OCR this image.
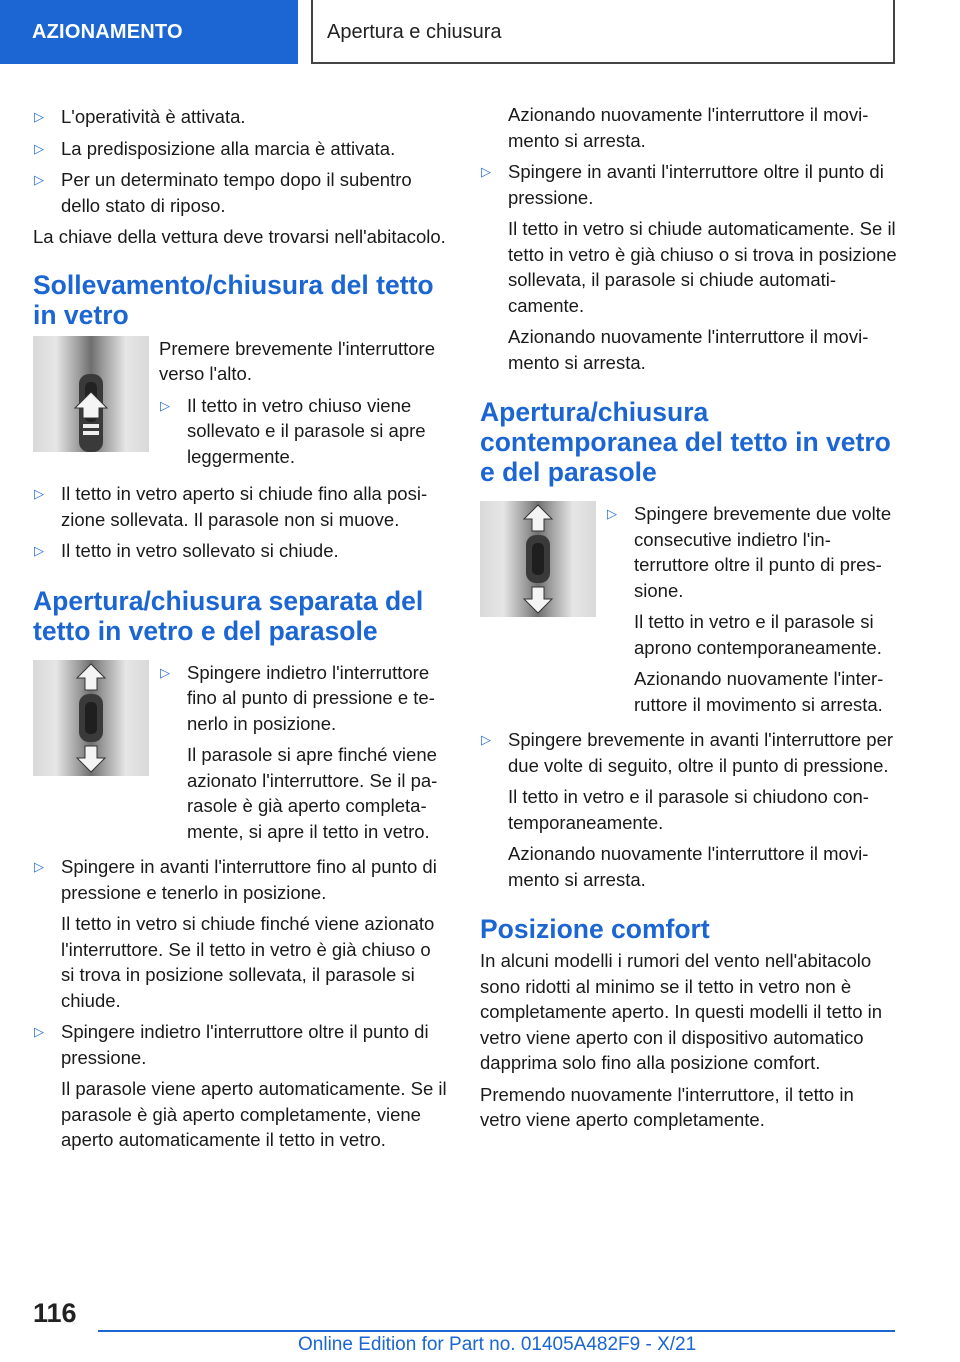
AZIONAMENTO	Apertura e chiusura
▷ L'operatività è attivata.
▷ La predisposizione alla marcia è attivata.
▷ Per un determinato tempo dopo il subentro dello stato di riposo.

La chiave della vettura deve trovarsi nell'abitacolo.

Sollevamento/chiusura del tetto in vetro

Premere brevemente l'interruttore verso l'alto.

▷ Il tetto in vetro chiuso viene sollevato e il parasole si apre leggermente.
▷ Il tetto in vetro aperto si chiude fino alla posizione sollevata. Il parasole non si muove.
▷ Il tetto in vetro sollevato si chiude.
Apertura/chiusura separata del tetto in vetro e del parasole
▷ Spingere indietro l'interruttore fino al punto di pressione e tenerlo in posizione.

Il parasole si apre finché viene azionato l'interruttore. Se il parasole è già aperto completamente, si apre il tetto in vetro.

▷ Spingere in avanti l'interruttore fino al punto di pressione e tenerlo in posizione.

Il tetto in vetro si chiude finché viene azionato l'interruttore. Se il tetto in vetro è già chiuso o si trova in posizione sollevata, il parasole si chiude.

▷ Spingere indietro l'interruttore oltre il punto di pressione.

Il parasole viene aperto automaticamente. Se il parasole è già aperto completamente, viene aperto automaticamente il tetto in vetro.

Azionando nuovamente l'interruttore il movimento si arresta.

▷ Spingere in avanti l'interruttore oltre il punto di pressione.

Il tetto in vetro si chiude automaticamente. Se il tetto in vetro è già chiuso o si trova in posizione sollevata, il parasole si chiude automaticamente.

Azionando nuovamente l'interruttore il movimento si arresta.

Apertura/chiusura contemporanea del tetto in vetro e del parasole
▷ Spingere brevemente due volte consecutive indietro l'interruttore oltre il punto di pressione.

Il tetto in vetro e il parasole si aprono contemporaneamente.

Azionando nuovamente l'interruttore il movimento si arresta.

▷ Spingere brevemente in avanti l'interruttore per due volte di seguito, oltre il punto di pressione.

Il tetto in vetro e il parasole si chiudono contemporaneamente.

Azionando nuovamente l'interruttore il movimento si arresta.

Posizione comfort

In alcuni modelli i rumori del vento nell'abitacolo sono ridotti al minimo se il tetto in vetro non è completamente aperto. In questi modelli il tetto in vetro viene aperto con il dispositivo automatico dapprima solo fino alla posizione comfort.

Premendo nuovamente l'interruttore, il tetto in vetro viene aperto completamente.

116
Online Edition for Part no. 01405A482F9 - X/21
